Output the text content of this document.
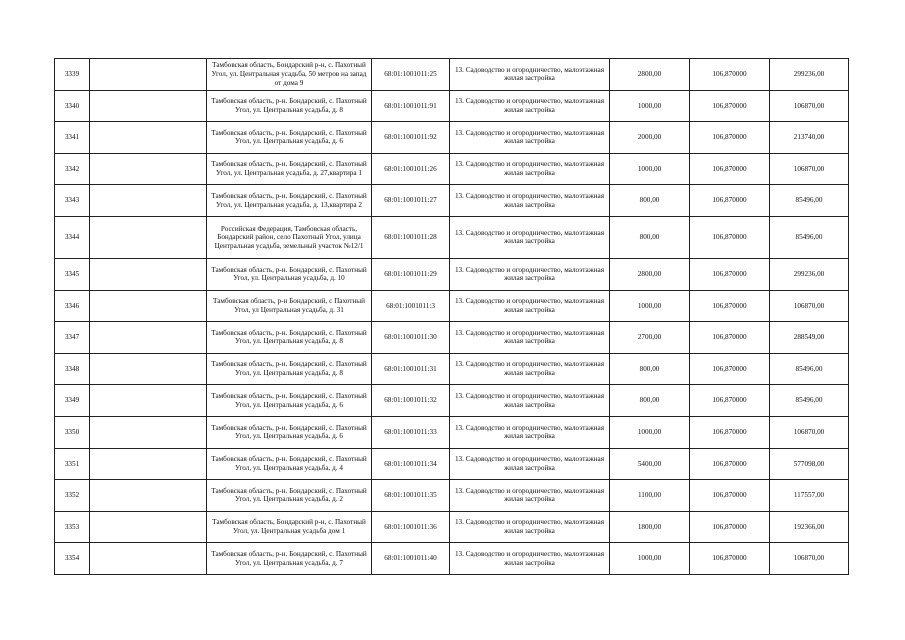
3339		Тамбовская область, Бондарский р-н, с. Пахотный Угол, ул. Центральная усадьба, 50 метров на запад от дома 9	68:01:1001011:25	13. Садоводство и огородничество, малоэтажная жилая застройка	2800,00	106,870000	299236,00
3340		Тамбовская область, р-н. Бондарский, с. Пахотный Угол, ул. Центральная усадьба, д. 8	68:01:1001011:91	13. Садоводство и огородничество, малоэтажная жилая застройка	1000,00	106,870000	106870,00
3341		Тамбовская область, р-н. Бондарский, с. Пахотный Угол, ул. Центральная усадьба, д. 6	68:01:1001011:92	13. Садоводство и огородничество, малоэтажная жилая застройка	2000,00	106,870000	213740,00
3342		Тамбовская область, р-н. Бондарский, с. Пахотный Угол, ул. Центральная усадьба, д. 27,квартира 1	68:01:1001011:26	13. Садоводство и огородничество, малоэтажная жилая застройка	1000,00	106,870000	106870,00
3343		Тамбовская область, р-н. Бондарский, с. Пахотный Угол, ул. Центральная усадьба, д. 13,квартира 2	68:01:1001011:27	13. Садоводство и огородничество, малоэтажная жилая застройка	800,00	106,870000	85496,00
3344		Российская Федерация, Тамбовская область, Бондарский район, село Пахотный Угол, улица Центральная усадьба, земельный участок №12/1	68:01:1001011:28	13. Садоводство и огородничество, малоэтажная жилая застройка	800,00	106,870000	85496,00
3345		Тамбовская область, р-н. Бондарский, с. Пахотный Угол, ул. Центральная усадьба, д. 10	68:01:1001011:29	13. Садоводство и огородничество, малоэтажная жилая застройка	2800,00	106,870000	299236,00
3346		Тамбовская область, р-н Бондарский, с Пахотный Угол, ул Центральная усадьба, д. 31	68:01:1001011:3	13. Садоводство и огородничество, малоэтажная жилая застройка	1000,00	106,870000	106870,00
3347		Тамбовская область, р-н. Бондарский, с. Пахотный Угол, ул. Центральная усадьба, д. 8	68:01:1001011:30	13. Садоводство и огородничество, малоэтажная жилая застройка	2700,00	106,870000	288549,00
3348		Тамбовская область, р-н. Бондарский, с. Пахотный Угол, ул. Центральная усадьба, д. 8	68:01:1001011:31	13. Садоводство и огородничество, малоэтажная жилая застройка	800,00	106,870000	85496,00
3349		Тамбовская область, р-н. Бондарский, с. Пахотный Угол, ул. Центральная усадьба, д. 6	68:01:1001011:32	13. Садоводство и огородничество, малоэтажная жилая застройка	800,00	106,870000	85496,00
3350		Тамбовская область, р-н. Бондарский, с. Пахотный Угол, ул. Центральная усадьба, д. 6	68:01:1001011:33	13. Садоводство и огородничество, малоэтажная жилая застройка	1000,00	106,870000	106870,00
3351		Тамбовская область, р-н. Бондарский, с. Пахотный Угол, ул. Центральная усадьба, д. 4	68:01:1001011:34	13. Садоводство и огородничество, малоэтажная жилая застройка	5400,00	106,870000	577098,00
3352		Тамбовская область, р-н. Бондарский, с. Пахотный Угол, ул. Центральная усадьба, д. 2	68:01:1001011:35	13. Садоводство и огородничество, малоэтажная жилая застройка	1100,00	106,870000	117557,00
3353		Тамбовская область, Бондарский р-н, с. Пахотный Угол, ул. Центральная усадьба дом 1	68:01:1001011:36	13. Садоводство и огородничество, малоэтажная жилая застройка	1800,00	106,870000	192366,00
3354		Тамбовская область, р-н. Бондарский, с. Пахотный Угол, ул. Центральная усадьба, д. 7	68:01:1001011:40	13. Садоводство и огородничество, малоэтажная жилая застройка	1000,00	106,870000	106870,00
